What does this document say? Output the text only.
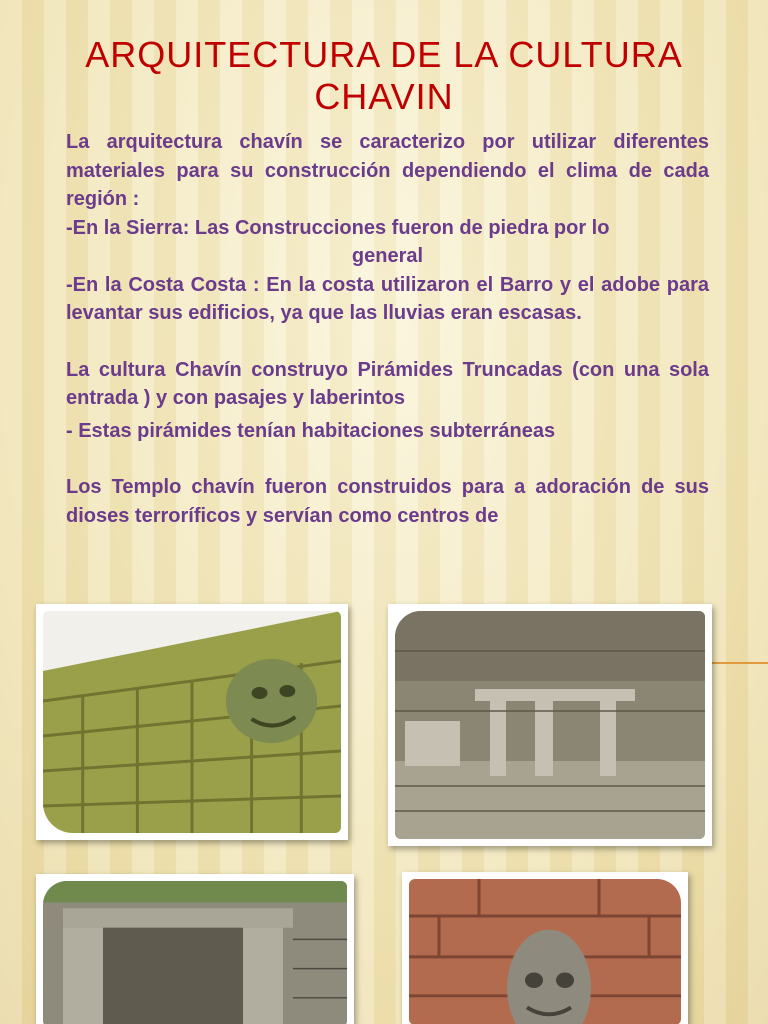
ARQUITECTURA DE LA CULTURA
CHAVIN

La arquitectura chavín se caracterizo por utilizar diferentes materiales para su construcción dependiendo el clima de cada región :

-En la Sierra: Las Construcciones fueron de piedra por lo

general

-En la Costa Costa : En la costa utilizaron el Barro y el adobe para levantar sus edificios, ya que las lluvias eran escasas.

La cultura Chavín construyo Pirámides Truncadas (con una sola entrada ) y con pasajes y laberintos

- Estas pirámides tenían habitaciones subterráneas

Los Templo chavín fueron construidos para a adoración de sus dioses terroríficos y servían como centros de
